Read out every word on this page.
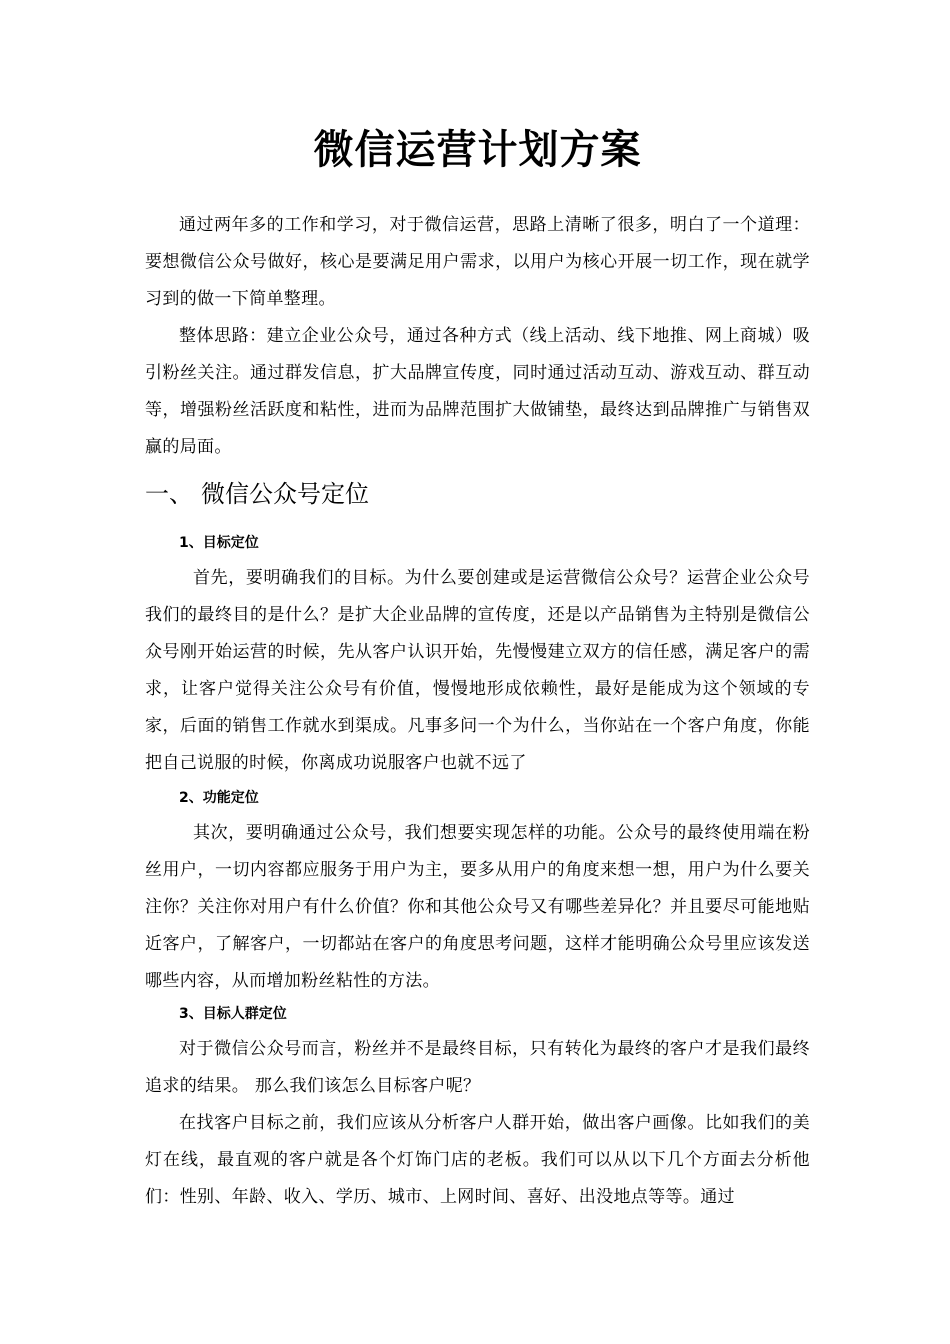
微信运营计划方案

通过两年多的工作和学习，对于微信运营，思路上清晰了很多，明白了一个道理：要想微信公众号做好，核心是要满足用户需求，以用户为核心开展一切工作，现在就学习到的做一下简单整理。

整体思路：建立企业公众号，通过各种方式（线上活动、线下地推、网上商城）吸引粉丝关注。通过群发信息，扩大品牌宣传度，同时通过活动互动、游戏互动、群互动等，增强粉丝活跃度和粘性，进而为品牌范围扩大做铺垫，最终达到品牌推广与销售双赢的局面。

一、 微信公众号定位
1、目标定位

首先，要明确我们的目标。为什么要创建或是运营微信公众号？运营企业公众号我们的最终目的是什么？是扩大企业品牌的宣传度，还是以产品销售为主特别是微信公众号刚开始运营的时候，先从客户认识开始，先慢慢建立双方的信任感，满足客户的需求，让客户觉得关注公众号有价值，慢慢地形成依赖性，最好是能成为这个领域的专家，后面的销售工作就水到渠成。凡事多问一个为什么，当你站在一个客户角度，你能把自己说服的时候，你离成功说服客户也就不远了

2、功能定位

其次，要明确通过公众号，我们想要实现怎样的功能。公众号的最终使用端在粉丝用户，一切内容都应服务于用户为主，要多从用户的角度来想一想，用户为什么要关注你？关注你对用户有什么价值？你和其他公众号又有哪些差异化？并且要尽可能地贴近客户，了解客户，一切都站在客户的角度思考问题，这样才能明确公众号里应该发送哪些内容，从而增加粉丝粘性的方法。

3、目标人群定位

对于微信公众号而言，粉丝并不是最终目标，只有转化为最终的客户才是我们最终追求的结果。 那么我们该怎么目标客户呢？

在找客户目标之前，我们应该从分析客户人群开始，做出客户画像。比如我们的美灯在线，最直观的客户就是各个灯饰门店的老板。我们可以从以下几个方面去分析他们：性别、年龄、收入、学历、城市、上网时间、喜好、出没地点等等。通过
